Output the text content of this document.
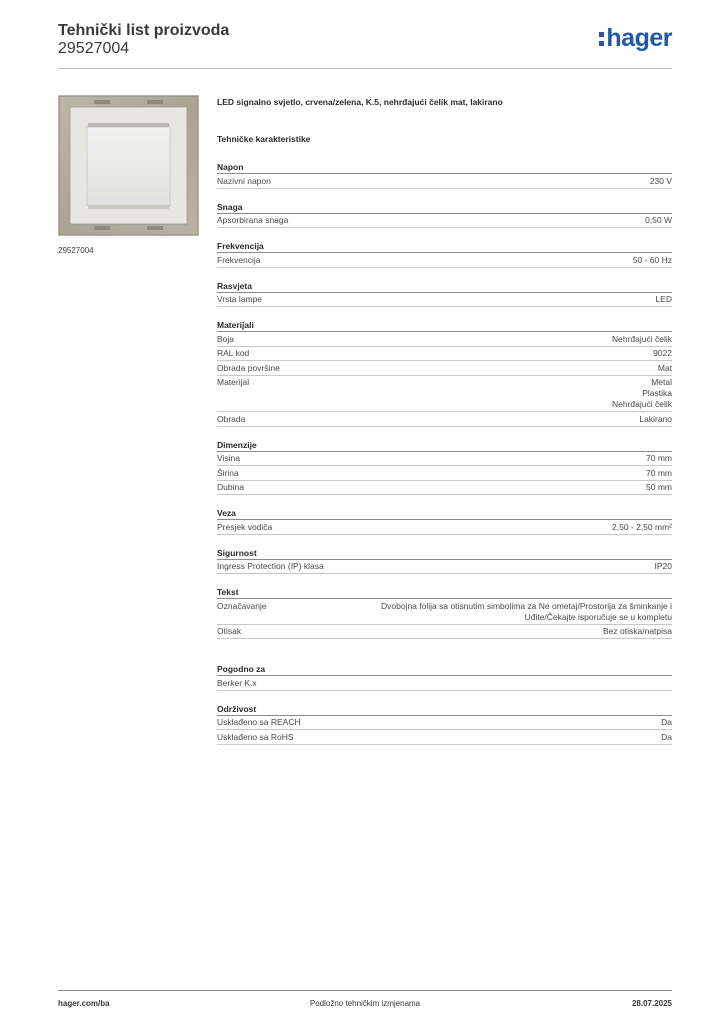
Tehnički list proizvoda
29527004	hager
29527004
LED signalno svjetlo, crvena/zelena, K.5, nehrđajući čelik mat, lakirano
Tehničke karakteristike
Napon
Nazivni napon	230 V
Snaga
Apsorbirana snaga	0,50 W
Frekvencija
Frekvencija	50 - 60 Hz
Rasvjeta
Vrsta lampe	LED
Materijali
Boja	Nehrđajući čelik
RAL kod	9022
Obrada površine	Mat
Materijal	Metal
Plastika
Nehrđajući čelik
Obrada	Lakirano
Dimenzije
Visina	70 mm
Širina	70 mm
Dubina	50 mm
Veza
Presjek vodiča	2,50 - 2,50 mm²
Sigurnost
Ingress Protection (IP) klasa	IP20
Tekst
Označavanje	Dvobojna folija sa otisnutim simbolima za Ne ometaj/Prostorija za šminkanje i
Uđite/Čekajte isporučuje se u kompletu
Otisak	Bez otiska/natpisa
Pogodno za
Berker K.x
Održivost
Usklađeno sa REACH	Da
Usklađeno sa RoHS	Da
hager.com/ba	Podložno tehničkim izmjenama	28.07.2025
